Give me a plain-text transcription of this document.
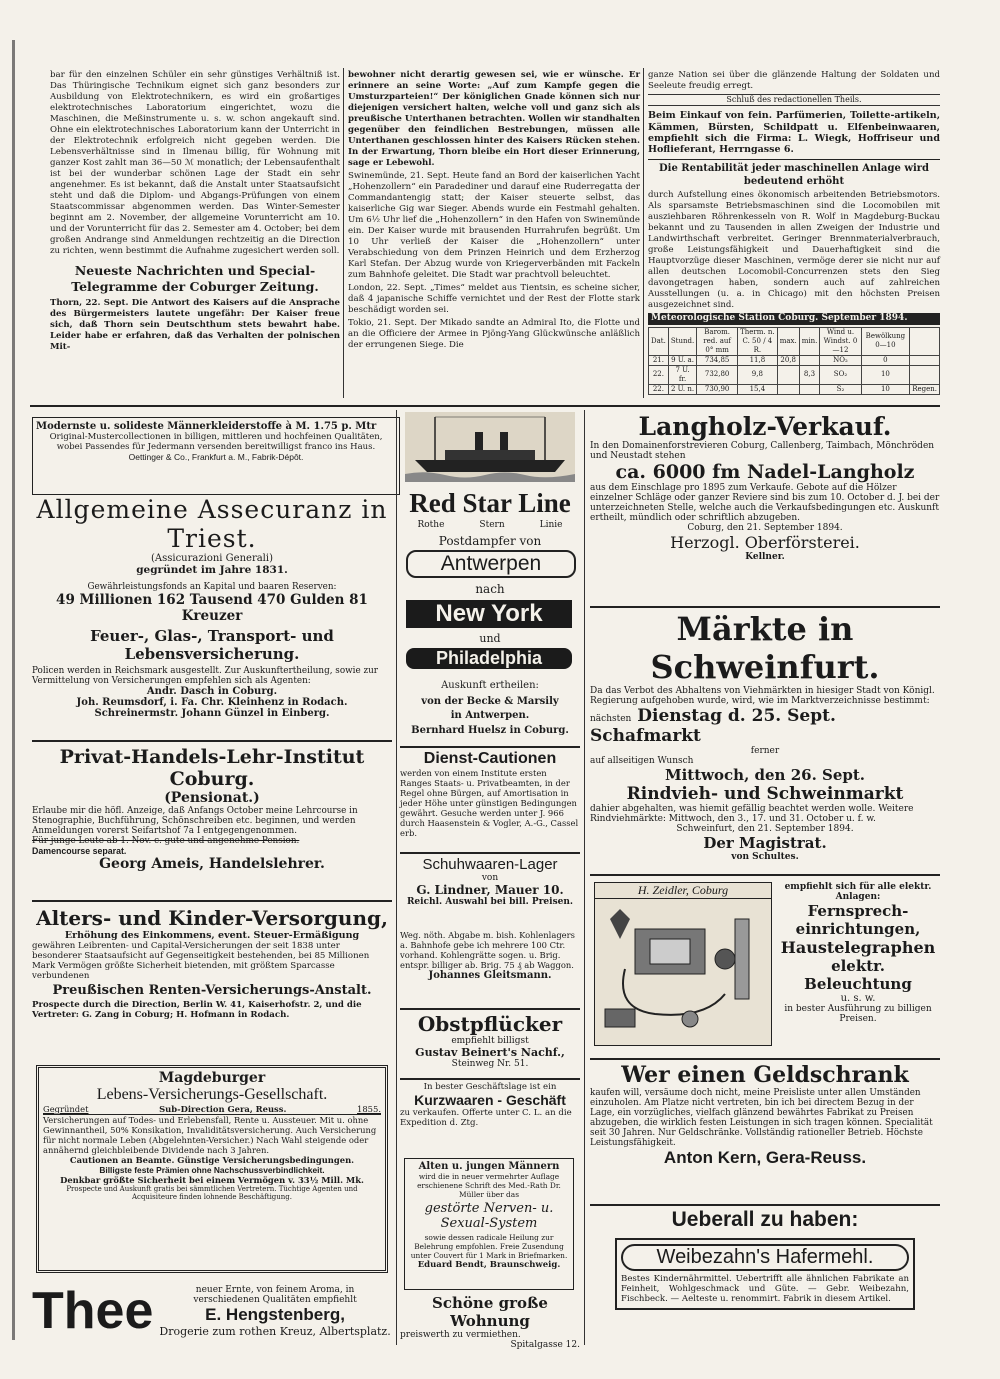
bar für den einzelnen Schüler ein sehr günstiges Verhältniß ist. Das Thüringische Technikum eignet sich ganz besonders zur Ausbildung von Elektrotechnikern, es wird ein großartiges elektrotechnisches Laboratorium eingerichtet, wozu die Maschinen, die Meßinstrumente u. s. w. schon angekauft sind. Ohne ein elektrotechnisches Laboratorium kann der Unterricht in der Elektrotechnik erfolgreich nicht gegeben werden. Die Lebensverhältnisse sind in Ilmenau billig, für Wohnung mit ganzer Kost zahlt man 36—50 ℳ monatlich; der Lebensaufenthalt ist bei der wunderbar schönen Lage der Stadt ein sehr angenehmer. Es ist bekannt, daß die Anstalt unter Staatsaufsicht steht und daß die Diplom- und Abgangs-Prüfungen von einem Staatscommissar abgenommen werden. Das Winter-Semester beginnt am 2. November, der allgemeine Vorunterricht am 10. und der Vorunterricht für das 2. Semester am 4. October; bei dem großen Andrange sind Anmeldungen rechtzeitig an die Direction zu richten, wenn bestimmt die Aufnahme zugesichert werden soll.

Neueste Nachrichten und Special-Telegramme der Coburger Zeitung.

Thorn, 22. Sept. Die Antwort des Kaisers auf die Ansprache des Bürgermeisters lautete ungefähr: Der Kaiser freue sich, daß Thorn sein Deutschthum stets bewahrt habe. Leider habe er erfahren, daß das Verhalten der polnischen Mit-

bewohner nicht derartig gewesen sei, wie er wünsche. Er erinnere an seine Worte: „Auf zum Kampfe gegen die Umsturzparteien!“ Der königlichen Gnade können sich nur diejenigen versichert halten, welche voll und ganz sich als preußische Unterthanen betrachten. Wollen wir standhalten gegenüber den feindlichen Bestrebungen, müssen alle Unterthanen geschlossen hinter des Kaisers Rücken stehen. In der Erwartung, Thorn bleibe ein Hort dieser Erinnerung, sage er Lebewohl.

Swinemünde, 21. Sept. Heute fand an Bord der kaiserlichen Yacht „Hohenzollern“ ein Paradediner und darauf eine Ruderregatta der Commandantengig statt; der Kaiser steuerte selbst, das kaiserliche Gig war Sieger. Abends wurde ein Festmahl gehalten. Um 6½ Uhr lief die „Hohenzollern“ in den Hafen von Swinemünde ein. Der Kaiser wurde mit brausenden Hurrahrufen begrüßt. Um 10 Uhr verließ der Kaiser die „Hohenzollern“ unter Verabschiedung von dem Prinzen Heinrich und dem Erzherzog Karl Stefan. Der Abzug wurde von Kriegerverbänden mit Fackeln zum Bahnhofe geleitet. Die Stadt war prachtvoll beleuchtet.

London, 22. Sept. „Times“ meldet aus Tientsin, es scheine sicher, daß 4 japanische Schiffe vernichtet und der Rest der Flotte stark beschädigt worden sei.

Tokio, 21. Sept. Der Mikado sandte an Admiral Ito, die Flotte und an die Officiere der Armee in Pjöng-Yang Glückwünsche anläßlich der errungenen Siege. Die

ganze Nation sei über die glänzende Haltung der Soldaten und Seeleute freudig erregt.

Schluß des redactionellen Theils.

Beim Einkauf von fein. Parfümerien, Toilette-artikeln, Kämmen, Bürsten, Schildpatt u. Elfenbeinwaaren, empfiehlt sich die Firma: L. Wiegk, Hoffriseur und Hoflieferant, Herrngasse 6.

Die Rentabilität jeder maschinellen Anlage wird bedeutend erhöht

durch Aufstellung eines ökonomisch arbeitenden Betriebsmotors. Als sparsamste Betriebsmaschinen sind die Locomobilen mit ausziehbaren Röhrenkesseln von R. Wolf in Magdeburg-Buckau bekannt und zu Tausenden in allen Zweigen der Industrie und Landwirthschaft verbreitet. Geringer Brennmaterialverbrauch, große Leistungsfähigkeit und Dauerhaftigkeit sind die Hauptvorzüge dieser Maschinen, vermöge derer sie nicht nur auf allen deutschen Locomobil-Concurrenzen stets den Sieg davongetragen haben, sondern auch auf zahlreichen Ausstellungen (u. a. in Chicago) mit den höchsten Preisen ausgezeichnet sind.

Meteorologische Station Coburg. September 1894.
Dat.	Stund.	Barom. red. auf 0° mm	Therm. n. C. 50 / 4 R.	max.	min.	Wind u. Windst. 0—12	Bewölkung 0—10	
21.	9 U. a.	734,85	11,8	20,8		NO₂	0	
22.	7 U. fr.	732,80	9,8		8,3	SO₂	10	
22.	2 U. n.	730,90	15,4			S₂	10	Regen.
Modernste u. solideste Männerkleiderstoffe à M. 1.75 p. Mtr
Original-Mustercollectionen in billigen, mittleren und hochfeinen Qualitäten, wobei Passendes für Jedermann versenden bereitwilligst franco ins Haus.
Oettinger & Co., Frankfurt a. M., Fabrik-Dépôt.
Allgemeine Assecuranz in Triest.
(Assicurazioni Generali)
gegründet im Jahre 1831.
Gewährleistungsfonds an Kapital und baaren Reserven:
49 Millionen 162 Tausend 470 Gulden 81 Kreuzer
Feuer-, Glas-, Transport- und Lebensversicherung.
Policen werden in Reichsmark ausgestellt. Zur Auskunftertheilung, sowie zur Vermittelung von Versicherungen empfehlen sich als Agenten:
Andr. Dasch in Coburg.
Joh. Reumsdorf, i. Fa. Chr. Kleinhenz in Rodach.
Schreinermstr. Johann Günzel in Einberg.
Privat-Handels-Lehr-Institut Coburg.
(Pensionat.)
Erlaube mir die höfl. Anzeige, daß Anfangs October meine Lehrcourse in Stenographie, Buchführung, Schönschreiben etc. beginnen, und werden Anmeldungen vorerst Seifartshof 7a I entgegengenommen.
Für junge Leute ab 1. Nov. c. gute und angenehme Pension.
Damencourse separat.
Georg Ameis, Handelslehrer.
Alters- und Kinder-Versorgung,
Erhöhung des Einkommens, event. Steuer-Ermäßigung
gewähren Leibrenten- und Capital-Versicherungen der seit 1838 unter besonderer Staatsaufsicht auf Gegenseitigkeit bestehenden, bei 85 Millionen Mark Vermögen größte Sicherheit bietenden, mit größtem Sparcasse verbundenen
Preußischen Renten-Versicherungs-Anstalt.
Prospecte durch die Direction, Berlin W. 41, Kaiserhofstr. 2, und die Vertreter: G. Zang in Coburg; H. Hofmann in Rodach.
Magdeburger
Lebens-Versicherungs-Gesellschaft.
Gegründet	Sub-Direction Gera, Reuss.	1855.
Versicherungen auf Todes- und Erlebensfall, Rente u. Aussteuer. Mit u. ohne Gewinnantheil, 50% Konsikation, Invaliditätsversicherung. Auch Versicherung für nicht normale Leben (Abgelehnten-Versicher.) Nach Wahl steigende oder annähernd gleichbleibende Dividende nach 3 Jahren.
Cautionen an Beamte. Günstige Versicherungsbedingungen.
Billigste feste Prämien ohne Nachschussverbindlichkeit.
Denkbar größte Sicherheit bei einem Vermögen v. 33½ Mill. Mk.
Prospecte und Auskunft gratis bei sämmtlichen Vertretern. Tüchtige Agenten und Acquisiteure finden lohnende Beschäftigung.
Thee	neuer Ernte, von feinem Aroma, in
verschiedenen Qualitäten empfiehlt
E. Hengstenberg,
Drogerie zum rothen Kreuz, Albertsplatz.
Red Star Line
Rothe	Stern	Linie
Postdampfer von
Antwerpen
nach
New York
und
Philadelphia
Auskunft ertheilen:
von der Becke & Marsily
in Antwerpen.
Bernhard Huelsz in Coburg.
Dienst-Cautionen
werden von einem Institute ersten Ranges Staats- u. Privatbeamten, in der Regel ohne Bürgen, auf Amortisation in jeder Höhe unter günstigen Bedingungen gewährt. Gesuche werden unter J. 966 durch Haasenstein & Vogler, A.-G., Cassel erb.
Schuhwaaren-Lager
von
G. Lindner, Mauer 10.
Reichl. Auswahl bei bill. Preisen.
Weg. nöth. Abgabe m. bish. Kohlenlagers a. Bahnhofe gebe ich mehrere 100 Ctr. vorhand. Kohlengrätte sogen. u. Brig. entspr. billiger ab. Brig. 75 ₰ ab Waggon.
Johannes Gleitsmann.
Obstpflücker
empfiehlt billigst
Gustav Beinert's Nachf.,
Steinweg Nr. 51.
In bester Geschäftslage ist ein
Kurzwaaren - Geschäft
zu verkaufen. Offerte unter C. L. an die Expedition d. Ztg.
Alten u. jungen Männern
wird die in neuer vermehrter Auflage erschienene Schrift des Med.-Rath Dr. Müller über das
gestörte Nerven- u. Sexual-System
sowie dessen radicale Heilung zur Belehrung empfohlen. Freie Zusendung unter Couvert für 1 Mark in Briefmarken.
Eduard Bendt, Braunschweig.
Schöne große Wohnung
preiswerth zu vermiethen.
Spitalgasse 12.
Langholz-Verkauf.
In den Domainenforstrevieren Coburg, Callenberg, Taimbach, Mönchröden und Neustadt stehen
ca. 6000 fm Nadel-Langholz
aus dem Einschlage pro 1895 zum Verkaufe. Gebote auf die Hölzer einzelner Schläge oder ganzer Reviere sind bis zum 10. October d. J. bei der unterzeichneten Stelle, welche auch die Verkaufsbedingungen etc. Auskunft ertheilt, mündlich oder schriftlich abzugeben.
Coburg, den 21. September 1894.
Herzogl. Oberförsterei.
Kellner.
Märkte in Schweinfurt.
Da das Verbot des Abhaltens von Viehmärkten in hiesiger Stadt von Königl. Regierung aufgehoben wurde, wird, wie im Marktverzeichnisse bestimmt:
nächsten Dienstag d. 25. Sept. Schafmarkt
ferner
auf allseitigen Wunsch
Mittwoch, den 26. Sept.
Rindvieh- und Schweinmarkt
dahier abgehalten, was hiemit gefällig beachtet werden wolle. Weitere Rindviehmärkte: Mittwoch, den 3., 17. und 31. October u. f. w.
Schweinfurt, den 21. September 1894.
Der Magistrat.
von Schultes.
H. Zeidler, Coburg	empfiehlt sich für alle elektr. Anlagen:
Fernsprech-einrichtungen,
Haustelegraphen
elektr. Beleuchtung
u. s. w.
in bester Ausführung zu billigen Preisen.
Wer einen Geldschrank
kaufen will, versäume doch nicht, meine Preisliste unter allen Umständen einzuholen. Am Platze nicht vertreten, bin ich bei directem Bezug in der Lage, ein vorzügliches, vielfach glänzend bewährtes Fabrikat zu Preisen abzugeben, die wirklich festen Leistungen in sich tragen können. Specialität seit 30 Jahren. Nur Geldschränke. Vollständig rationeller Betrieb. Höchste Leistungsfähigkeit.
Anton Kern, Gera-Reuss.
Ueberall zu haben:
Weibezahn's Hafermehl.
Bestes Kindernährmittel. Uebertrifft alle ähnlichen Fabrikate an Feinheit, Wohlgeschmack und Güte. — Gebr. Weibezahn, Fischbeck. — Aelteste u. renommirt. Fabrik in diesem Artikel.
